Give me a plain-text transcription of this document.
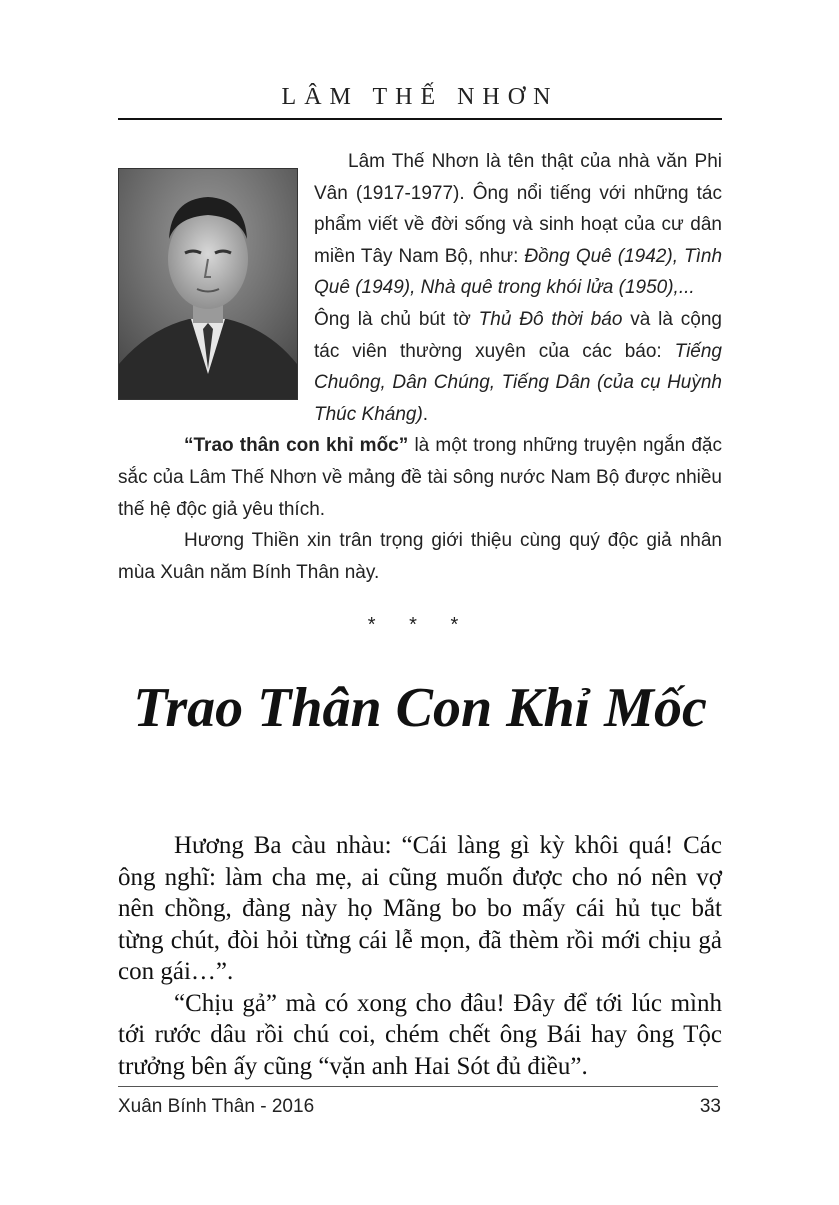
LÂM THẾ NHƠN

Lâm Thế Nhơn là tên thật của nhà văn Phi Vân (1917-1977). Ông nổi tiếng với những tác phẩm viết về đời sống và sinh hoạt của cư dân miền Tây Nam Bộ, như: Đồng Quê (1942), Tình Quê (1949), Nhà quê trong khói lửa (1950),...

Ông là chủ bút tờ Thủ Đô thời báo và là cộng tác viên thường xuyên của các báo: Tiếng Chuông, Dân Chúng, Tiếng Dân (của cụ Huỳnh Thúc Kháng).

“Trao thân con khỉ mốc” là một trong những truyện ngắn đặc sắc của Lâm Thế Nhơn về mảng đề tài sông nước Nam Bộ được nhiều thế hệ độc giả yêu thích.

Hương Thiền xin trân trọng giới thiệu cùng quý độc giả nhân mùa Xuân năm Bính Thân này.

* * *
Trao Thân Con Khỉ Mốc

Hương Ba càu nhàu: “Cái làng gì kỳ khôi quá! Các ông nghĩ: làm cha mẹ, ai cũng muốn được cho nó nên vợ nên chồng, đàng này họ Mãng bo bo mấy cái hủ tục bắt từng chút, đòi hỏi từng cái lễ mọn, đã thèm rồi mới chịu gả con gái…”.

“Chịu gả” mà có xong cho đâu! Đây để tới lúc mình tới rước dâu rồi chú coi, chém chết ông Bái hay ông Tộc trưởng bên ấy cũng “vặn anh Hai Sót đủ điều”.

Xuân Bính Thân - 2016	33
